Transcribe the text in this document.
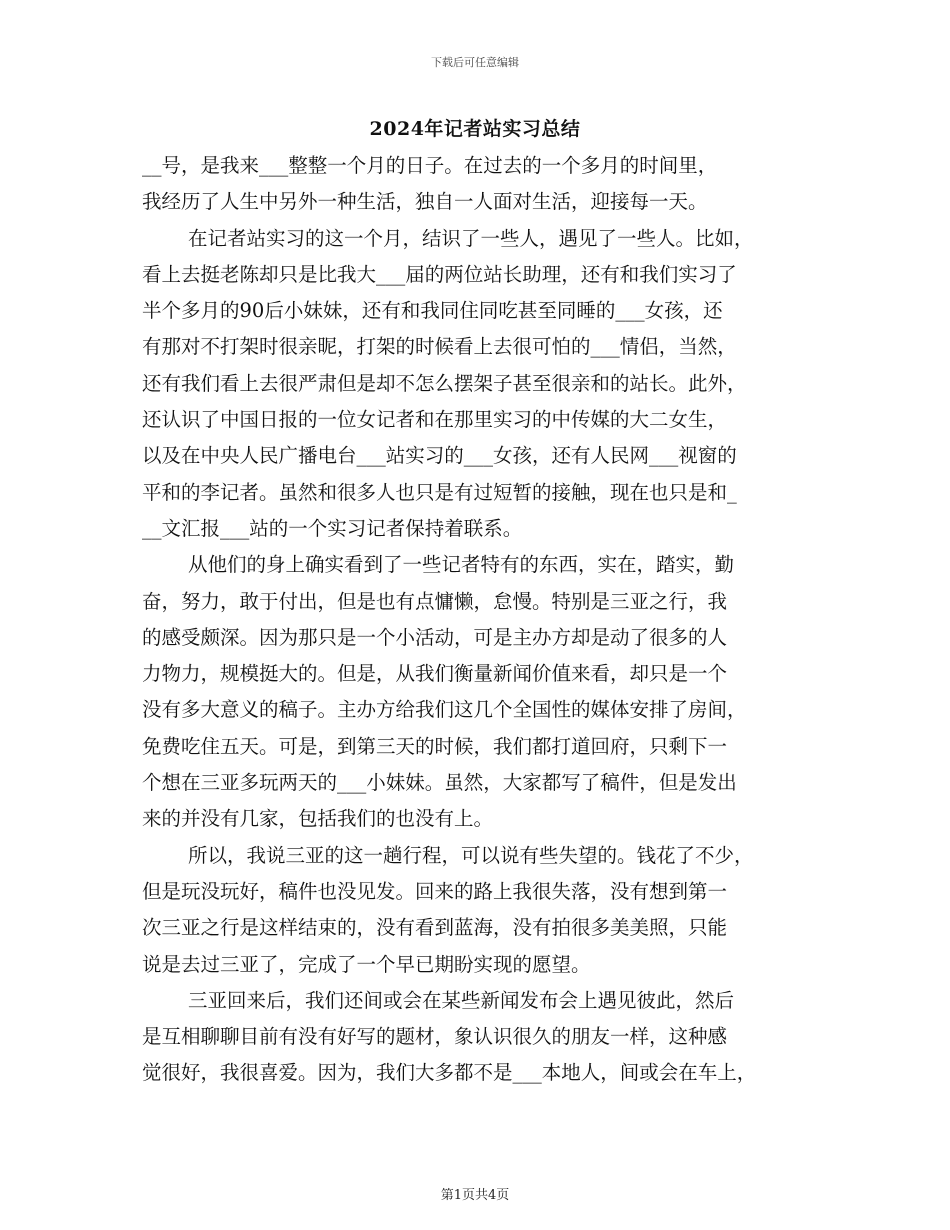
下载后可任意编辑
2024年记者站实习总结
__号，是我来___整整一个月的日子。在过去的一个多月的时间里，
我经历了人生中另外一种生活，独自一人面对生活，迎接每一天。
在记者站实习的这一个月，结识了一些人，遇见了一些人。比如，
看上去挺老陈却只是比我大___届的两位站长助理，还有和我们实习了
半个多月的90后小妹妹，还有和我同住同吃甚至同睡的___女孩，还
有那对不打架时很亲昵，打架的时候看上去很可怕的___情侣，当然，
还有我们看上去很严肃但是却不怎么摆架子甚至很亲和的站长。此外，
还认识了中国日报的一位女记者和在那里实习的中传媒的大二女生，
以及在中央人民广播电台___站实习的___女孩，还有人民网___视窗的
平和的李记者。虽然和很多人也只是有过短暂的接触，现在也只是和_
__文汇报___站的一个实习记者保持着联系。
从他们的身上确实看到了一些记者特有的东西，实在，踏实，勤
奋，努力，敢于付出，但是也有点慵懒，怠慢。特别是三亚之行，我
的感受颇深。因为那只是一个小活动，可是主办方却是动了很多的人
力物力，规模挺大的。但是，从我们衡量新闻价值来看，却只是一个
没有多大意义的稿子。主办方给我们这几个全国性的媒体安排了房间，
免费吃住五天。可是，到第三天的时候，我们都打道回府，只剩下一
个想在三亚多玩两天的___小妹妹。虽然，大家都写了稿件，但是发出
来的并没有几家，包括我们的也没有上。
所以，我说三亚的这一趟行程，可以说有些失望的。钱花了不少，
但是玩没玩好，稿件也没见发。回来的路上我很失落，没有想到第一
次三亚之行是这样结束的，没有看到蓝海，没有拍很多美美照，只能
说是去过三亚了，完成了一个早已期盼实现的愿望。
三亚回来后，我们还间或会在某些新闻发布会上遇见彼此，然后
是互相聊聊目前有没有好写的题材，象认识很久的朋友一样，这种感
觉很好，我很喜爱。因为，我们大多都不是___本地人，间或会在车上，
第1页共4页
